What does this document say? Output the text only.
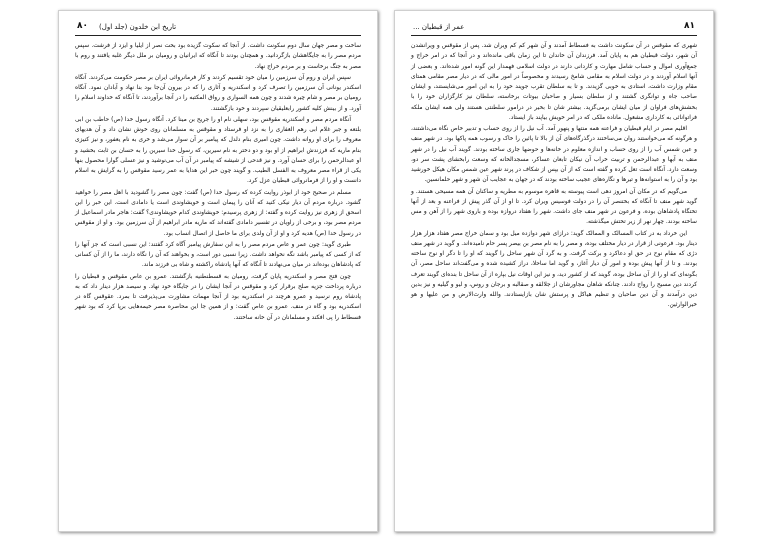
۸۰ تاریخ ابن خلدون (جلد اول)

ساخت و مصر جهان سال دوم سکونت داشت. از آنجا که سکوت گزیده بود بخت نصر از ایلیا و ایزد از فرشت. سپس مردم مصر را به جایگاهشان بازگردانید. و همچنان بودند تا آنگاه که ایرانیان و رومیان بر ملل دیگر غلبه یافتند و روم با مصر به جنگ برخاست و بر مردم خراج نهاد.

سپس ایران و روم آن سرزمین را میان خود تقسیم کردند و کار فرمانروائی ایران بر مصر حکومت می‌کردند. آنگاه اسکندر یونانی آن سرزمین را تصرف کرد و اسکندریه و آثاری را که در بیرون آن‌جا بود بنا نهاد و آبادان نمود. آنگاه رومیان بر مصر و شام چیره شدند و چون همه السواری و رواق المکتبه را در آنجا برآوردند، تا آنگاه که خداوند اسلام را آورد. و از بینش کلیه کشور رابعلیقیان سپردند و خود بازگشتند.

آنگاه مردم مصر و اسکندریه مقوقس بود، سهلی نام او را جریح بن مینا کرد. آنگاه رسول خدا (ص) حاطب بن ابی بلتعه و جبر غلام ابی رهم الغفاری را به نزد او فرستاد و مقوقس به مسلمانان روی خوش نشان داد و آن هدیهای معروف را برای او روانه داشت. چون امیری بنام دلدل که پیامبر بر آن سوار می‌شد و خری به نام یعفور، و نیز کنیزی بنام ماریه که فرزندش ابراهیم از او بود و دو دختر به نام سیرین، که رسول خدا سیرین را به حسان بن ثابت بخشید و او عبدالرحمن را برای حسان آورد. و نیز قدحی از شیشه که پیامبر در آن آب می‌نوشید و نیز عسلی گوارا محصول بنها یکی از قراء مصر معروف به الفسل الطیب. و گویند چون خبر این هدایا به عمر رسید مقوقس را به گرایش به اسلام دانست و او را از فرمانروائی قبطیان عزل کرد.

مسلم در صحیح خود از ابوذر روایت کرده که رسول خدا (ص) گفت: چون مصر را گشودید با اهل مصر را خواهید گشود. درباره مردم آن دیار نیکی کنید که آنان را پیمان است و خویشاوندی است یا دامادی است. این خبر را ابن اسحق از زهری نیز روایت کرده و گفته: از زهری پرسیدم: خویشاوندی کدام خویشاوندی؟ گفت: هاجر مادر اسماعیل از مردم مصر بود، و برخی از راویان در تفسیر دامادی گفته‌اند که ماریه مادر ابراهیم از آن سرزمین بود. و او از مقوقس در رسول خدا (ص) هدیه کرد و او از آن ولدی برای ما حاصل از اتصال انساب بود.

طبری گوید: چون عمر و عاص مردم مصر را به این سفارش پیامبر آگاه کرد گفتند: این نسبی است که جز آنها را که از کسی که پیامبر باشد نگه نخواهد داشت. زیرا نسبی دور است، و بخواهند که آن را نگاه دارند، ما را از آن کسانی که پادشاهان بوده‌اند در میان می‌نهادند تا آنگاه که آنها پادشاه راکشته و شاه بی فرزند ماند.

چون فتح مصر و اسکندریه پایان گرفت، رومیان به قسطنطنیه بازگشتند. عمرو بن عاص مقوقس و قبطیان را درباره پرداخت جزیه صلح برقرار کرد و مقوقس در آنجا ایشان را در جایگاه خود نهاد. و سیصد هزار دینار داد که به پادشاه روم نرسید و عمرو هرچند در اسکندریه بود از آنجا مهمات مشاورت می‌پذیرفت تا بمرد. عقوقس گاه در اسکندریه بود و گاه در منف. عمرو بن عاص گفت: و از همین جا این محاصره مصر خیمه‌هایی برپا کرد که بود شهر فسطاط را پی افکند و مسلمانان در آن خانه ساختند.

۸۱
عمر از قبطیان ...

شهری که مقوقس در آن سکونت داشت به فسطاط آمدند و آن شهر کم کم ویران شد. پس از مقوقس و ویرانشدن آن شهر، دولت قبطیان هم به پایان آمد. فرزندان آن خاندان تا این زمان باقی مانده‌اند و در آنجا که در امر خراج و جمع‌آوری اموال و حساب شامل مهارت و کاردانی دارند در دولت اسلامی فهمدار این گونه امور شده‌اند. و بعضی از آنها اسلام آوردند و در دولت اسلام به مقامی شامخ رسیدند و مخصوصاً در امور مالی که در دیار مصر مقامی همتای مقام وزارت داشت، استادی به خوبی گزیدند. و تا به سلطان تقرب جویند خود را به این امور می‌شایستند، و ایشان صاحب جاه و توانگری گشتند و از سلطان بسیار و صاحبان بیوتات برخاسته، سلطان نیز کارگزاران خود را با بخشش‌های فراوان از میان ایشان برمی‌گزید. بیشتر شان تا بخیر در درامور سلطنتی هستند ولی همه ایشان ملکه فراتوانائی به کارداری مشغول. ماناده ملکی که در امر خویش بیاپند باز ایستاد.

اقلیم مصر در ایام قبطیان و فراعنه همه منتها و پنهور آمد. آب نیل را از روی حساب و تدبیر خاص نگاه می‌داشتند، و هرگونه که می‌خواستند روان می‌ساختند درگذرگاه‌های آن از بالا تا پائین را خاک و رسوب همه پاکها بود. در شهر منف و عین شمس آب را از روی حساب و اندازه معلوم در خانه‌ها و حوضها جاری ساخته بودند. گویند آب نیل را در شهر منف به آبها و عبدالرحمن و تربیت خراب آن نیکان تابعان عساکر، مسجد‌الخانه که وسعت رابخشای پشت سر دو، وسعت دارد. آنگاه است تعل کرده و گفته است که از آن بپس از شکاف در پرند شهر عین شمس مکان هیکل خورشید بود و آن را به استوانه‌ها و تیرها و نگاره‌های عجیب ساخته بودند که در جهان به عجایب آن شهر و شهر حلمانسین.

می‌گویم که در مکان آن امروز دهی است پیوسته به قاهره موسوم به مطریه و ساکنان آن همه مسیحی هستند. و گوید شهر منف تا آنگاه که بختنصر آن را در دولت فوسیس ویران کرد. تا او از آن گذر پیش از فراعنه و بعد از آنها تختگاه پادشاهان بوده، و فرعون در شهر منف جای داشت. شهر را هفتاد دروازه بوده و باروی شهر را از آهن و مس ساخته بودند. چهار نهر از زیر تختش میگذشته.

این خرداد به در کتاب المسالک و الممالک گوید: درازای شهر دوازده میل بود و سمان خراج مصر هفتاد هزار هزار دینار بود. فرعونی از قرار در دیار مختلف بوده، و مصر را به نام مصر بن بیصر پسر حام نامیده‌اند. و گوید در شهر منف دژی که مقام نوح در حق او دعاکرد و برکت گرفت. و به گرد آن شهر ساحل را گویند که او را تا دگر او نوح ساخته بودند. و تا از آنها پیش بوده و امور آن دیار آغاز، و گوید اما ساحلا، دراز کشیده شده و می‌گفت‌اند ساحل مصر، آن بگونه‌ای که او را از آن ساحل بوده، گویند که از کشور دید، و نیز این اوقات نیل بپاره از آن ساحل تا بنده‌ای گویند تعرف کردند دین مسیح را رواج دادند. چنانکه شاهان مجاورشان از جلالقه و صقالبه و برجان و روس، و لیو و گیلیه و نیز بدین دین درآمدند و آن دین صاحبان و تنظیم هیاکل و پرستش شان بازایستادند. والله وارث‌الارض و من علیها و هو خیرالوارثین.
